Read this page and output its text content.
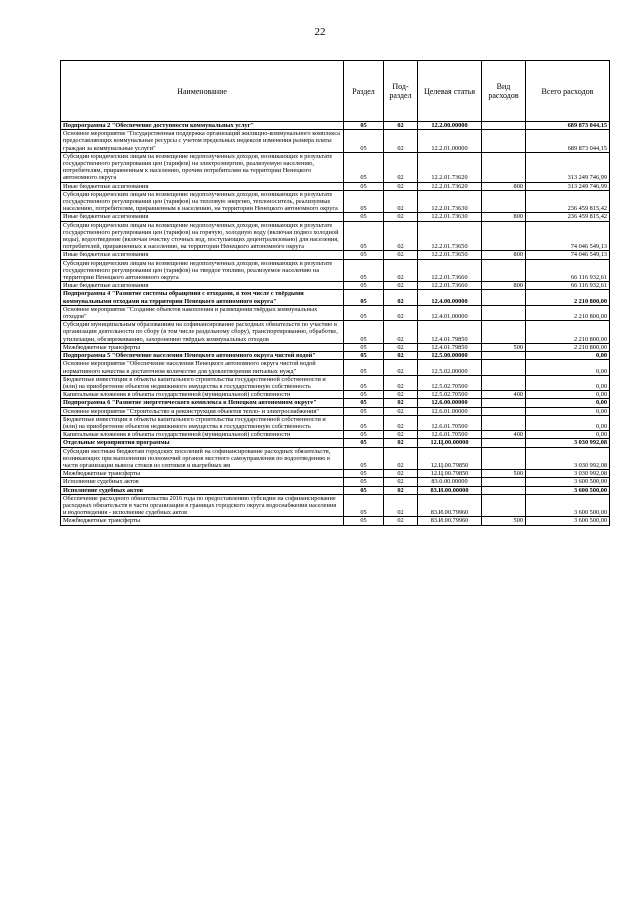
22
Наименование	Раздел	Под-раздел	Целевая статья	Вид расходов	Всего расходов
Подпрограмма 2 "Обеспечение доступности коммунальных услуг"	05	02	12.2.00.00000		689 873 044,15
Основное мероприятие "Государственная поддержка организаций жилищно-коммунального комплекса предоставляющих коммунальные ресурсы с учетом предельных индексов изменения размера платы граждан за коммунальные услуги"	05	02	12.2.01.00000		689 873 044,15
Субсидии юридическим лицам на возмещение недополученных доходов, возникающих в результате государственного регулирования цен (тарифов) на электроэнергию, реализуемую населению, потребителям, приравненным к населению, прочим потребителям на территории Ненецкого автономного округа	05	02	12.2.01.73620		313 249 746,99
Иные бюджетные ассигнования	05	02	12.2.01.73620	800	313 249 746,99
Субсидии юридическим лицам на возмещение недополученных доходов, возникающих в результате государственного регулирования цен (тарифов) на тепловую энергию, теплоноситель, реализуемые населению, потребителям, приравненным к населению, на территории Ненецкого автономного округа	05	02	12.2.01.73630		236 459 815,42
Иные бюджетные ассигнования	05	02	12.2.01.73630	800	236 459 815,42
Субсидии юридическим лицам на возмещение недополученных доходов, возникающих в результате государственного регулирования цен (тарифов) на горячую, холодную воду (включая подвоз холодной воды), водоотведение (включая очистку сточных вод, поступающих децентрализовано) для населения, потребителей, приравненных к населению, на территории Ненецкого автономного округа	05	02	12.2.01.73650		74 046 549,13
Иные бюджетные ассигнования	05	02	12.2.01.73650	800	74 046 549,13
Субсидии юридическим лицам на возмещение недополученных доходов, возникающих в результате государственного регулирования цен (тарифов) на твердое топливо, реализуемое населению на территории Ненецкого автономного округа	05	02	12.2.01.73660		66 116 932,61
Иные бюджетные ассигнования	05	02	12.2.01.73660	800	66 116 932,61
Подпрограмма 4 "Развитие системы обращения с отходами, в том числе с твёрдыми коммунальными отходами на территории Ненецкого автономного округа"	05	02	12.4.00.00000		2 210 800,00
Основное мероприятие "Создание объектов накопления и размещения твёрдых коммунальных отходов"	05	02	12.4.01.00000		2 210 800,00
Субсидии муниципальным образованиям на софинансирование расходных обязательств по участию в организации деятельности по сбору (в том числе раздельному сбору), транспортированию, обработке, утилизации, обезвреживанию, захоронению твёрдых коммунальных отходов	05	02	12.4.01.79850		2 210 800,00
Межбюджетные трансферты	05	02	12.4.01.79850	500	2 210 800,00
Подпрограмма 5 "Обеспечение населения Ненецкого автономного округа чистой водой"	05	02	12.5.00.00000		0,00
Основное мероприятие "Обеспечение населения Ненецкого автономного округа чистой водой нормативного качества в достаточном количестве для удовлетворения питьевых нужд"	05	02	12.5.02.00000		0,00
Бюджетные инвестиции в объекты капитального строительства государственной собственности и (или) на приобретение объектов недвижимого имущества в государственную собственность	05	02	12.5.02.70500		0,00
Капитальные вложения в объекты государственной (муниципальной) собственности	05	02	12.5.02.70500	400	0,00
Подпрограмма 6 "Развитие энергетического комплекса в Ненецком автономном округе"	05	02	12.6.00.00000		0,00
Основное мероприятие "Строительство и реконструкция объектов тепло- и электроснабжения"	05	02	12.6.01.00000		0,00
Бюджетные инвестиции в объекты капитального строительства государственной собственности и (или) на приобретение объектов недвижимого имущества в государственную собственность	05	02	12.6.01.70500		0,00
Капитальные вложения в объекты государственной (муниципальной) собственности	05	02	12.6.01.70500	400	0,00
Отдельные мероприятия программы	05	02	12.Ц.00.00000		3 030 992,08
Субсидии местным бюджетам городских поселений на софинансирование расходных обязательств, возникающих при выполнении полномочий органов местного самоуправления по водоотведению в части организации вывоза стоков из септиков и выгребных ям	05	02	12.Ц.00.79850		3 030 992,08
Межбюджетные трансферты	05	02	12.Ц.00.79850	500	3 030 992,08
Исполнение судебных актов	05	02	83.0.00.00000		3 600 500,00
Исполнение судебных актов	05	02	83.И.00.00000		3 600 500,00
Обеспечение расходного обязательства 2016 года по предоставлению субсидии на софинансирование расходных обязательств в части организации в границах городского округа водоснабжения населения и водоотведения - исполнение судебных актов	05	02	83.И.00.79960		3 600 500,00
Межбюджетные трансферты	05	02	83.И.00.79960	500	3 600 500,00
